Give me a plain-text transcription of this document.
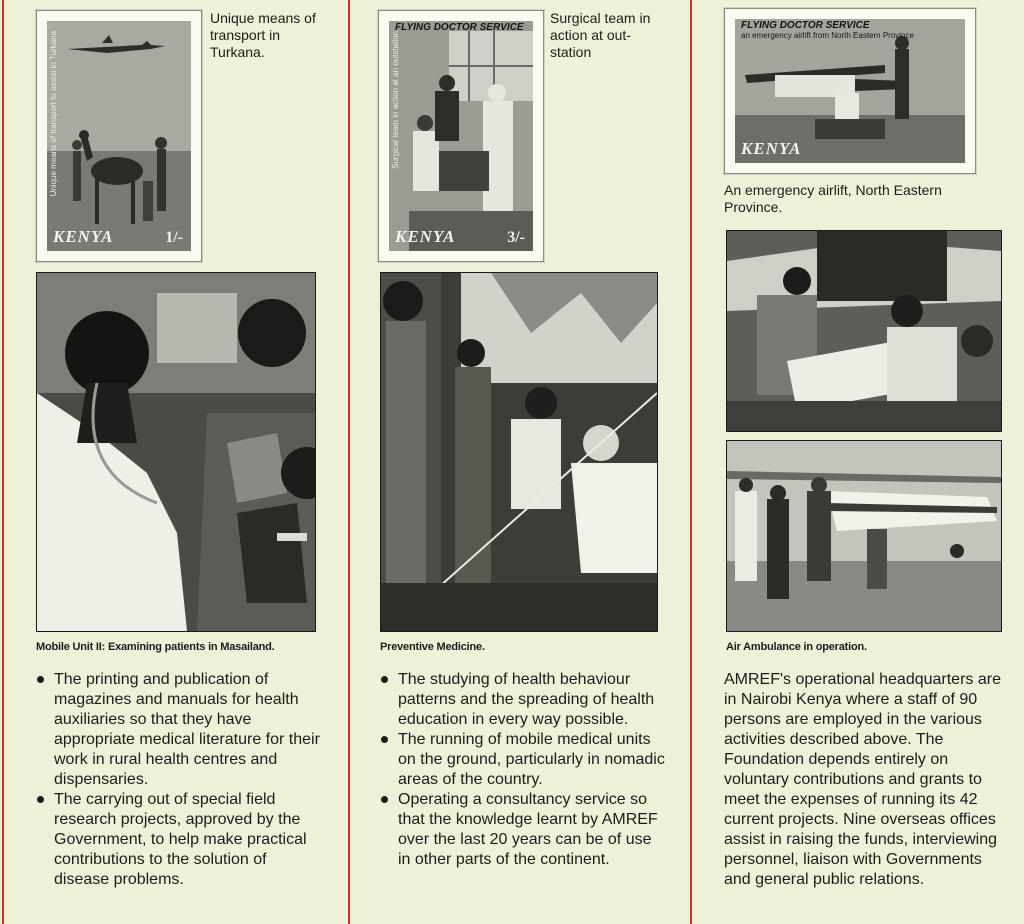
Unique means of transport to assist in Turkana
KENYA	1/-
Unique means of transport in Turkana.
Mobile Unit II: Examining patients in Masailand.
The printing and publication of magazines and manuals for health auxiliaries so that they have appropriate medical literature for their work in rural health centres and dispensaries.
The carrying out of special field research projects, approved by the Government, to help make practical contributions to the solution of disease problems.
FLYING DOCTOR SERVICE
Surgical team in action at an outstation
KENYA	3/-
Surgical team in action at out-station
Preventive Medicine.
The studying of health behaviour patterns and the spreading of health education in every way possible.
The running of mobile medical units on the ground, particularly in nomadic areas of the country.
Operating a consultancy service so that the knowledge learnt by AMREF over the last 20 years can be of use in other parts of the continent.
FLYING DOCTOR SERVICE
an emergency airlift from North Eastern Province
KENYA
An emergency airlift, North Eastern Province.
Air Ambulance in operation.

AMREF's operational headquarters are in Nairobi Kenya where a staff of 90 persons are employed in the various activities described above. The Foundation depends entirely on voluntary contributions and grants to meet the expenses of running its 42 current projects. Nine overseas offices assist in raising the funds, interviewing personnel, liaison with Governments and general public relations.
